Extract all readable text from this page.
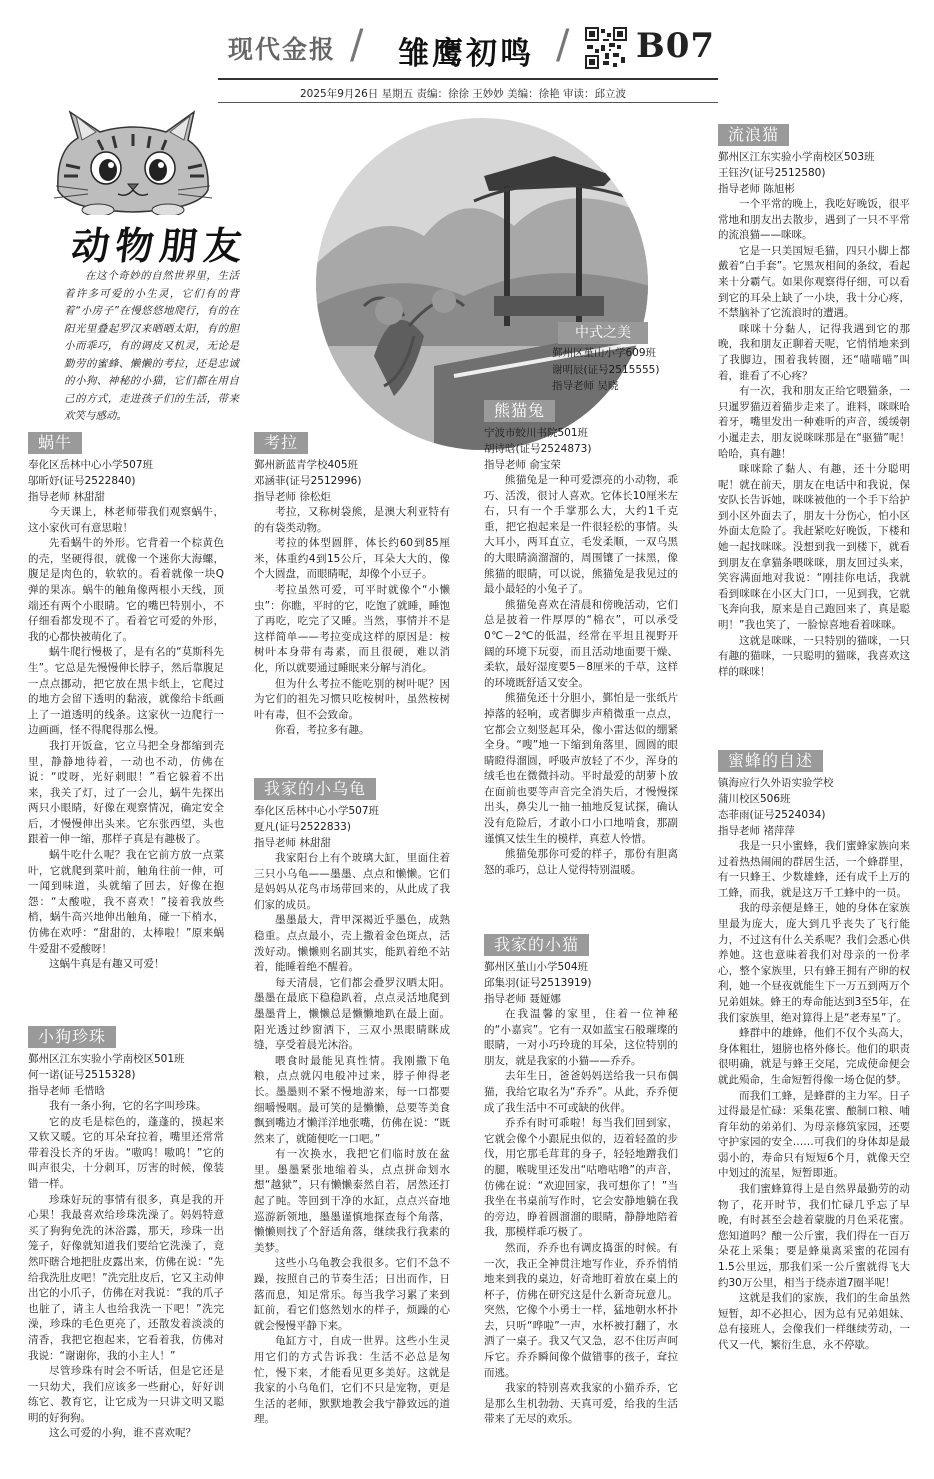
现代金报 / 雏鹰初鸣 / B07
2025年9月26日 星期五 责编：徐徐 王妙妙 美编：徐艳 审读：邱立波
动物朋友
在这个奇妙的自然世界里，生活着许多可爱的小生灵，它们有的背着“小房子”在慢悠悠地爬行，有的在阳光里叠起罗汉来晒晒太阳，有的胆小而乖巧，有的调皮又机灵，无论是勤劳的蜜蜂、懒懒的考拉，还是忠诚的小狗、神秘的小猫，它们都在用自己的方式，走进孩子们的生活，带来欢笑与感动。
中式之美
鄞州区堇山小学609班
谢明辰(证号2515555)
指导老师 吴晓
蜗牛
奉化区岳林中心小学507班
邬昕妤(证号2522840)
指导老师 林甜甜

今天课上，林老师带我们观察蜗牛，这小家伙可有意思啦！

先看蜗牛的外形。它背着一个棕黄色的壳，坚硬得很，就像一个迷你大海螺，腹足是肉色的，软软的。看着就像一块Q弹的果冻。蜗牛的触角像两根小天线，顶端还有两个小眼睛。它的嘴巴特别小，不仔细看都发现不了。看着它可爱的外形，我的心都快被萌化了。

蜗牛爬行慢极了，是有名的“莫斯科先生”。它总是先慢慢伸长脖子，然后靠腹足一点点挪动，把它放在黑卡纸上，它爬过的地方会留下透明的黏液，就像给卡纸画上了一道透明的线条。这家伙一边爬行一边画画，怪不得爬得那么慢。

我打开饭盒，它立马把全身都缩到壳里，静静地待着，一动也不动，仿佛在说：“哎呀，光好刺眼！”看它躲着不出来，我关了灯，过了一会儿，蜗牛先探出两只小眼睛，好像在观察情况，确定安全后，才慢慢伸出头来。它东张西望，头也跟着一伸一缩，那样子真是有趣极了。

蜗牛吃什么呢？我在它前方放一点菜叶，它就爬到菜叶前，触角往前一伸，可一闻到味道，头就缩了回去，好像在抱怨：“太酸啦，我不喜欢！”接着我放些梢，蜗牛高兴地伸出触角，碰一下梢水，仿佛在欢呼：“甜甜的，太棒啦！”原来蜗牛爱甜不爱酸呀！

这蜗牛真是有趣又可爱！

小狗珍珠
鄞州区江东实验小学南校区501班
何一诺(证号2515328)
指导老师 毛惜晗

我有一条小狗，它的名字叫珍珠。

它的皮毛是棕色的，蓬蓬的，摸起来又软又暖。它的耳朵耷拉着，嘴里还常常带着没长齐的牙齿。“嗷呜！嗷呜！”它的叫声很尖，十分刺耳，厉害的时候，像装错一样。

珍珠好玩的事情有很多，真是我的开心果！我最喜欢给珍珠洗澡了。妈妈特意买了狗狗免洗的沐浴露，那天，珍珠一出笼子，好像就知道我们要给它洗澡了，竟然吓瞎合地把肚皮露出来，仿佛在说：“先给我洗肚皮吧！”洗完肚皮后，它又主动伸出它的小爪子，仿佛在对我说：“我的爪子也脏了，请主人也给我洗一下吧！”洗完澡，珍珠的毛色更亮了，还散发着淡淡的清香，我把它抱起来，它看着我，仿佛对我说：“谢谢你，我的小主人！”

尽管珍珠有时会不听话，但是它还是一只幼犬，我们应该多一些耐心，好好训练它、教育它，让它成为一只讲文明又聪明的好狗狗。

这么可爱的小狗，谁不喜欢呢？

考拉
鄞州新蓝青学校405班
邓涵菲(证号2512996)
指导老师 徐松炬

考拉，又称树袋熊，是澳大利亚特有的有袋类动物。

考拉的体型圆胖，体长约60到85厘米，体重约4到15公斤，耳朵大大的，像个大圆盘，而眼睛呢，却像个小豆子。

考拉虽然可爱，可平时就像个“小懒虫”：你瞧，平时的它，吃饱了就睡，睡饱了再吃，吃完了又睡。当然，事情并不是这样简单——考拉变成这样的原因是：桉树叶本身带有毒素，而且很硬，难以消化，所以就要通过睡眠来分解与消化。

但为什么考拉不能吃别的树叶呢？因为它们的祖先习惯只吃桉树叶，虽然桉树叶有毒，但不会致命。

你看，考拉多有趣。

我家的小乌龟
奉化区岳林中心小学507班
夏凡(证号2522833)
指导老师 林甜甜

我家阳台上有个玻璃大缸，里面住着三只小乌龟——墨墨、点点和懒懒。它们是妈妈从花鸟市场带回来的，从此成了我们家的成员。

墨墨最大，背甲深褐近乎墨色，成熟稳重。点点最小，壳上撒着金色斑点，活泼好动。懒懒则名副其实，能趴着绝不站着，能睡着绝不醒着。

每天清晨，它们都会叠罗汉晒太阳。墨墨在最底下稳稳趴着，点点灵活地爬到墨墨背上，懒懒总是懒懒地趴在最上面。阳光透过纱窗洒下，三双小黑眼睛眯成缝，享受着晨光沐浴。

喂食时最能见真性情。我刚撒下龟粮，点点就闪电般冲过来，脖子伸得老长。墨墨则不紧不慢地游来，每一口都要细嚼慢咽。最可笑的是懒懒，总要等美食飘到嘴边才懒洋洋地张嘴，仿佛在说：“既然来了，就随便吃一口吧。”

有一次换水，我把它们临时放在盆里。墨墨紧张地缩着头，点点拼命划水想“越狱”，只有懒懒泰然自若，居然还打起了盹。等回到干净的水缸，点点兴奋地巡游新领地，墨墨谨慎地探查每个角落，懒懒则找了个舒适角落，继续我行我素的美梦。

这些小乌龟教会我很多。它们不急不躁，按照自己的节奏生活；日出而作，日落而息，知足常乐。每当我学习累了来到缸前，看它们悠然划水的样子，烦躁的心就会慢慢平静下来。

龟缸方寸，自成一世界。这些小生灵用它们的方式告诉我：生活不必总是匆忙，慢下来，才能看见更多美好。这就是我家的小乌龟们，它们不只是宠物，更是生活的老师，默默地教会我宁静致远的道理。

熊猫兔
宁波市蛟川书院501班
胡诗晗(证号2524873)
指导老师 俞宝荣

熊猫兔是一种可爱漂亮的小动物，乖巧、活泼，很讨人喜欢。它体长10厘米左右，只有一个手掌那么大，大约1千克重，把它抱起来是一件很轻松的事情。头大耳小，两耳直立，毛发柔顺，一双乌黑的大眼睛滴溜溜的，周围镶了一抹黑，像熊猫的眼睛，可以说，熊猫兔是我见过的最小最轻的小兔子了。

熊猫兔喜欢在清晨和傍晚活动，它们总是披着一件厚厚的“棉衣”，可以承受0℃－2℃的低温，经常在平坦且视野开阔的环境下玩耍，而且活动地面要干燥、柔软，最好湿度要5－8厘米的千草，这样的环境既舒适又安全。

熊猫兔还十分胆小，鄞怕是一张纸片掉落的轻响，或者脚步声稍微重一点点，它都会立刻竖起耳朵，像小雷达似的绷紧全身。“嗖”地一下缩到角落里，圆圆的眼睛瞪得溜圆，呼吸声放轻了不少，浑身的绒毛也在微微抖动。平时最爱的胡萝卜放在面前也要等声音完全消失后，才慢慢探出头，鼻尖儿一抽一抽地反复试探，确认没有危险后，才敢小口小口地啃食，那副谨慎又怯生生的模样，真惹人怜惜。

熊猫兔那你可爱的样子，那份有胆离怒的乖巧，总让人觉得特别温暖。

我家的小猫
鄞州区堇山小学504班
邱集羽(证号2513919)
指导老师 聂娅娜

在我温馨的家里，住着一位神秘的“小嘉宾”。它有一双如蓝宝石般璀璨的眼睛，一对小巧玲珑的耳朵，这位特别的朋友，就是我家的小猫——乔乔。

去年生日，爸爸妈妈送给我一只布偶猫，我给它取名为“乔乔”。从此，乔乔便成了我生活中不可或缺的伙伴。

乔乔有时可乖啦！每当我们回到家，它就会像个小跟屁虫似的，迈着轻盈的步伐，用它那毛茸茸的身子，轻轻地蹭我们的腿，喉咙里还发出“咕噜咕噜”的声音，仿佛在说：“欢迎回家，我可想你了！”当我坐在书桌前写作时，它会安静地躺在我的旁边，睁着圆溜溜的眼睛，静静地陪着我，那模样乖巧极了。

然而，乔乔也有调皮捣蛋的时候。有一次，我正全神贯注地写作业，乔乔悄悄地来到我的桌边，好奇地盯着放在桌上的杯子，仿佛在研究这是什么新奇玩意儿。突然，它像个小勇士一样，猛地朝水杯扑去，只听“哗啦”一声，水杯被打翻了，水洒了一桌子。我又气又急，忍不住厉声呵斥它。乔乔瞬间像个做错事的孩子，耷拉而逃。

我家的特别喜欢我家的小猫乔乔，它是那么生机勃勃、天真可爱，给我的生活带来了无尽的欢乐。

流浪猫
鄞州区江东实验小学南校区503班
王钰汐(证号2512580)
指导老师 陈旭彬

一个平常的晚上，我吃好晚饭，很平常地和朋友出去散步，遇到了一只不平常的流浪猫——咪咪。

它是一只美国短毛猫，四只小脚上都戴着“白手套”。它黑灰相间的条纹，看起来十分霸气。如果你观察得仔细，可以看到它的耳朵上缺了一小块，我十分心疼，不禁脑补了它流浪时的遭遇。

咪咪十分黏人，记得我遇到它的那晚，我和朋友正聊着天呢，它悄悄地来到了我脚边，围着我转圈，还“喵喵喵”叫着，谁看了不心疼？

有一次，我和朋友正给它喂猫条，一只暹罗猫迈着猫步走来了。谁料，咪咪哈着牙，嘴里发出一种难听的声音，缓缓朝小暹走去，朋友说咪咪那是在“驱猫”呢！哈哈，真有趣！

咪咪除了黏人、有趣，还十分聪明呢！就在前天，朋友在电话中和我说，保安队长告诉她，咪咪被他的一个手下给护到小区外面去了，朋友十分伤心，怕小区外面太危险了。我赶紧吃好晚饭，下楼和她一起找咪咪。没想到我一到楼下，就看到朋友在拿猫条喂咪咪，朋友回过头来，笑容满面地对我说：“刚挂你电话，我就看到咪咪在小区大门口，一见到我，它就飞奔向我，原来是自己跑回来了，真是聪明！”我也笑了，一脸惊喜地看着咪咪。

这就是咪咪，一只特别的猫咪，一只有趣的猫咪，一只聪明的猫咪，我喜欢这样的咪咪！

蜜蜂的自述
镇海应行久外语实验学校
蒲川校区506班
态菲雨(证号2524034)
指导老师 褚萍萍

我是一只小蜜蜂，我们蜜蜂家族向来过着热热闹闹的群居生活，一个蜂群里，有一只蜂王、少数雄蜂，还有成千上万的工蜂，而我，就是这万千工蜂中的一员。

我的母亲便是蜂王，她的身体在家族里最为庞大，庞大到几乎丧失了飞行能力，不过这有什么关系呢？我们会悉心供养她。这也意味着我们对母亲的一份孝心，整个家族里，只有蜂王拥有产卵的权利，她一个昼夜就能生下一万五到两万个兄弟姐妹。蜂王的寿命能达到3至5年，在我们家族里，绝对算得上是“老寿星”了。

蜂群中的雄蜂，他们不仅个头高大，身体粗壮，翅膀也格外修长。他们的职责很明确，就是与蜂王交尾，完成使命便会就此殒命，生命短暂得像一场仓促的梦。

而我们工蜂，是蜂群的主力军。日子过得最是忙碌：采集花蜜、酿制口粮、哺育年幼的弟弟们、为母亲修筑家园，还要守护家园的安全……可我们的身体却是最弱小的，寿命只有短短6个月，就像天空中划过的流星，短暂即逝。

我们蜜蜂算得上是自然界最勤劳的动物了，花开时节，我们忙碌几乎忘了早晚，有时甚至会趁着蒙胧的月色采花蜜。您知道吗？酿一公斤蜜，我们得在一百万朵花上采集；要是蜂巢离采蜜的花园有1.5公里远，那我们采一公斤蜜就得飞大约30万公里，相当于绕赤道7圈半呢！

这就是我们的家族，我们的生命虽然短暂，却不必担心，因为总有兄弟姐妹、总有接班人，会像我们一样继续劳动，一代又一代，繁衍生息，永不停歇。
